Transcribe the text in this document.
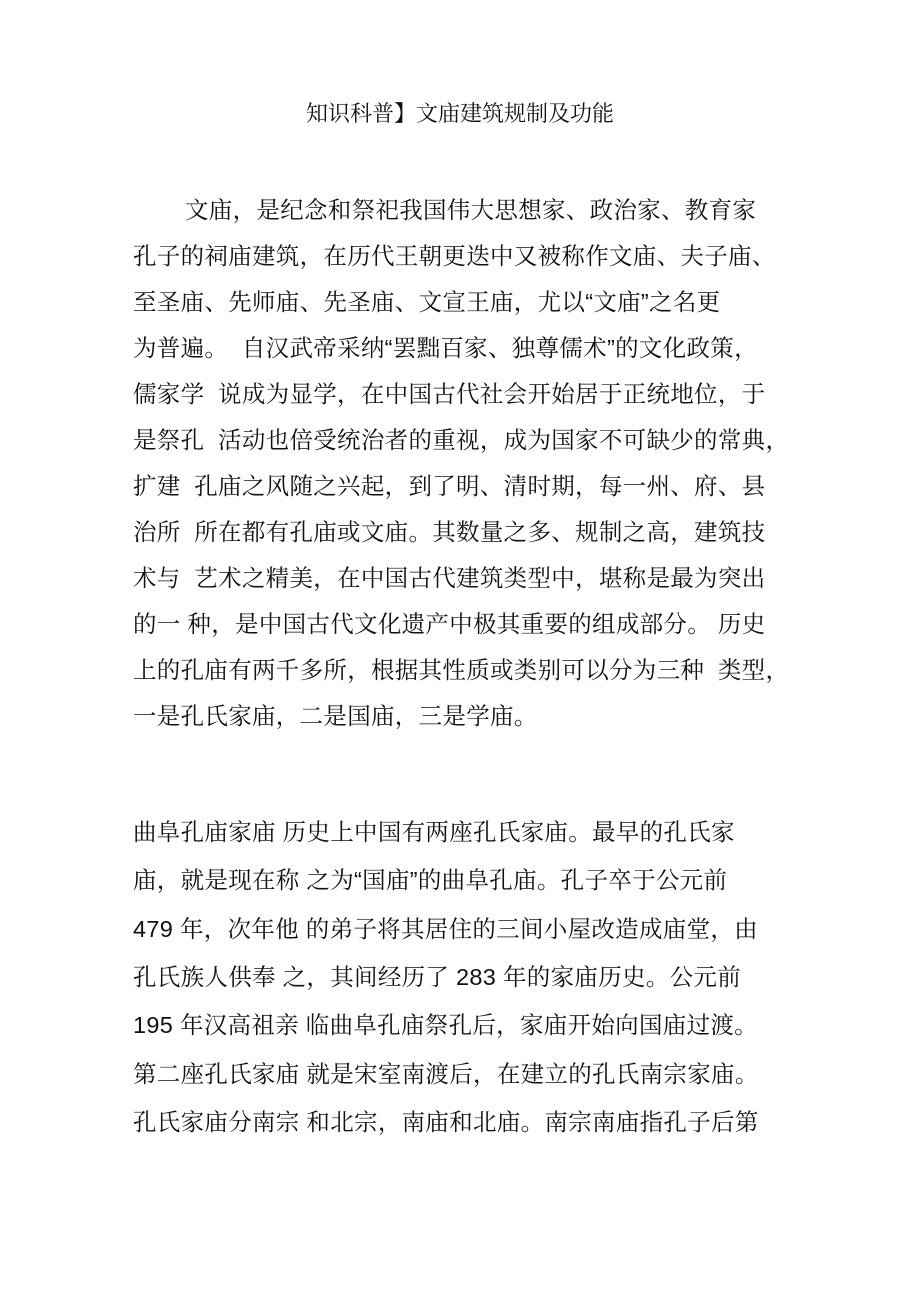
知识科普】文庙建筑规制及功能
文庙，是纪念和祭祀我国伟大思想家、政治家、教育家
孔子的祠庙建筑，在历代王朝更迭中又被称作文庙、夫子庙、
至圣庙、先师庙、先圣庙、文宣王庙，尤以“文庙”之名更
为普遍。  自汉武帝采纳“罢黜百家、独尊儒术”的文化政策，
儒家学  说成为显学，在中国古代社会开始居于正统地位，于
是祭孔  活动也倍受统治者的重视，成为国家不可缺少的常典，
扩建  孔庙之风随之兴起，到了明、清时期，每一州、府、县
治所  所在都有孔庙或文庙。其数量之多、规制之高，建筑技
术与  艺术之精美，在中国古代建筑类型中，堪称是最为突出
的一 种，是中国古代文化遗产中极其重要的组成部分。 历史
上的孔庙有两千多所，根据其性质或类别可以分为三种  类型，
一是孔氏家庙，二是国庙，三是学庙。
曲阜孔庙家庙 历史上中国有两座孔氏家庙。最早的孔氏家
庙，就是现在称 之为“国庙”的曲阜孔庙。孔子卒于公元前
479 年，次年他 的弟子将其居住的三间小屋改造成庙堂，由
孔氏族人供奉 之，其间经历了 283 年的家庙历史。公元前
195 年汉高祖亲 临曲阜孔庙祭孔后，家庙开始向国庙过渡。
第二座孔氏家庙 就是宋室南渡后，在建立的孔氏南宗家庙。
孔氏家庙分南宗 和北宗，南庙和北庙。南宗南庙指孔子后第
